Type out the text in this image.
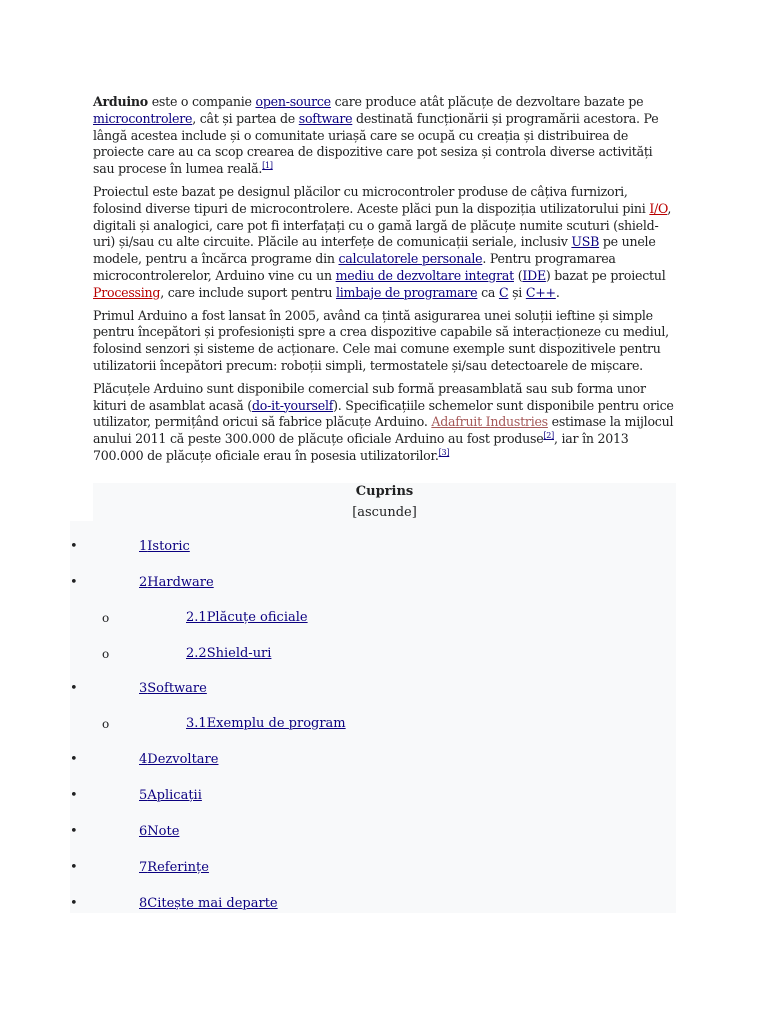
Arduino este o companie open-source care produce atât plăcuțe de dezvoltare bazate pe microcontrolere, cât și partea de software destinată funcționării și programării acestora. Pe lângă acestea include și o comunitate uriașă care se ocupă cu creația și distribuirea de proiecte care au ca scop crearea de dispozitive care pot sesiza și controla diverse activități sau procese în lumea reală.[1]

Proiectul este bazat pe designul plăcilor cu microcontroler produse de câțiva furnizori, folosind diverse tipuri de microcontrolere. Aceste plăci pun la dispoziția utilizatorului pini I/O, digitali și analogici, care pot fi interfațați cu o gamă largă de plăcuțe numite scuturi (shield-uri) și/sau cu alte circuite. Plăcile au interfețe de comunicații seriale, inclusiv USB pe unele modele, pentru a încărca programe din calculatorele personale. Pentru programarea microcontrolerelor, Arduino vine cu un mediu de dezvoltare integrat (IDE) bazat pe proiectul Processing, care include suport pentru limbaje de programare ca C și C++.

Primul Arduino a fost lansat în 2005, având ca țintă asigurarea unei soluții ieftine și simple pentru începători și profesioniști spre a crea dispozitive capabile să interacționeze cu mediul, folosind senzori și sisteme de acționare. Cele mai comune exemple sunt dispozitivele pentru utilizatorii începători precum: roboții simpli, termostatele și/sau detectoarele de mișcare.

Plăcuțele Arduino sunt disponibile comercial sub formă preasamblată sau sub forma unor kituri de asamblat acasă (do-it-yourself). Specificațiile schemelor sunt disponibile pentru orice utilizator, permițând oricui să fabrice plăcuțe Arduino. Adafruit Industries estimase la mijlocul anului 2011 că peste 300.000 de plăcuțe oficiale Arduino au fost produse[2], iar în 2013 700.000 de plăcuțe oficiale erau în posesia utilizatorilor.[3]

Cuprins
[ascunde]
•	1Istoric
•	2Hardware
o	2.1Plăcuțe oficiale
o	2.2Shield-uri
•	3Software
o	3.1Exemplu de program
•	4Dezvoltare
•	5Aplicații
•	6Note
•	7Referințe
•	8Citește mai departe
